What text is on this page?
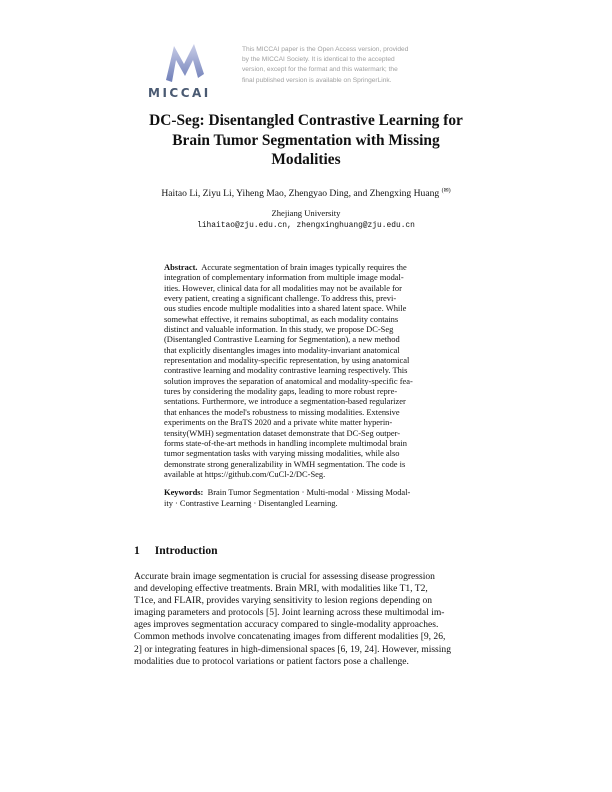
MICCAI
This MICCAI paper is the Open Access version, provided
by the MICCAI Society. It is identical to the accepted
version, except for the format and this watermark; the
final published version is available on SpringerLink.
DC-Seg: Disentangled Contrastive Learning for
Brain Tumor Segmentation with Missing
Modalities
Haitao Li, Ziyu Li, Yiheng Mao, Zhengyao Ding, and Zhengxing Huang (✉)
Zhejiang University
lihaitao@zju.edu.cn, zhengxinghuang@zju.edu.cn

Abstract. Accurate segmentation of brain images typically requires the
integration of complementary information from multiple image modal-
ities. However, clinical data for all modalities may not be available for
every patient, creating a significant challenge. To address this, previ-
ous studies encode multiple modalities into a shared latent space. While
somewhat effective, it remains suboptimal, as each modality contains
distinct and valuable information. In this study, we propose DC-Seg
(Disentangled Contrastive Learning for Segmentation), a new method
that explicitly disentangles images into modality-invariant anatomical
representation and modality-specific representation, by using anatomical
contrastive learning and modality contrastive learning respectively. This
solution improves the separation of anatomical and modality-specific fea-
tures by considering the modality gaps, leading to more robust repre-
sentations. Furthermore, we introduce a segmentation-based regularizer
that enhances the model's robustness to missing modalities. Extensive
experiments on the BraTS 2020 and a private white matter hyperin-
tensity(WMH) segmentation dataset demonstrate that DC-Seg outper-
forms state-of-the-art methods in handling incomplete multimodal brain
tumor segmentation tasks with varying missing modalities, while also
demonstrate strong generalizability in WMH segmentation. The code is
available at https://github.com/CuCl-2/DC-Seg.

Keywords: Brain Tumor Segmentation · Multi-modal · Missing Modal-
ity · Contrastive Learning · Disentangled Learning.

1 Introduction
Accurate brain image segmentation is crucial for assessing disease progression
and developing effective treatments. Brain MRI, with modalities like T1, T2,
T1ce, and FLAIR, provides varying sensitivity to lesion regions depending on
imaging parameters and protocols [5]. Joint learning across these multimodal im-
ages improves segmentation accuracy compared to single-modality approaches.
Common methods involve concatenating images from different modalities [9, 26,
2] or integrating features in high-dimensional spaces [6, 19, 24]. However, missing
modalities due to protocol variations or patient factors pose a challenge.
